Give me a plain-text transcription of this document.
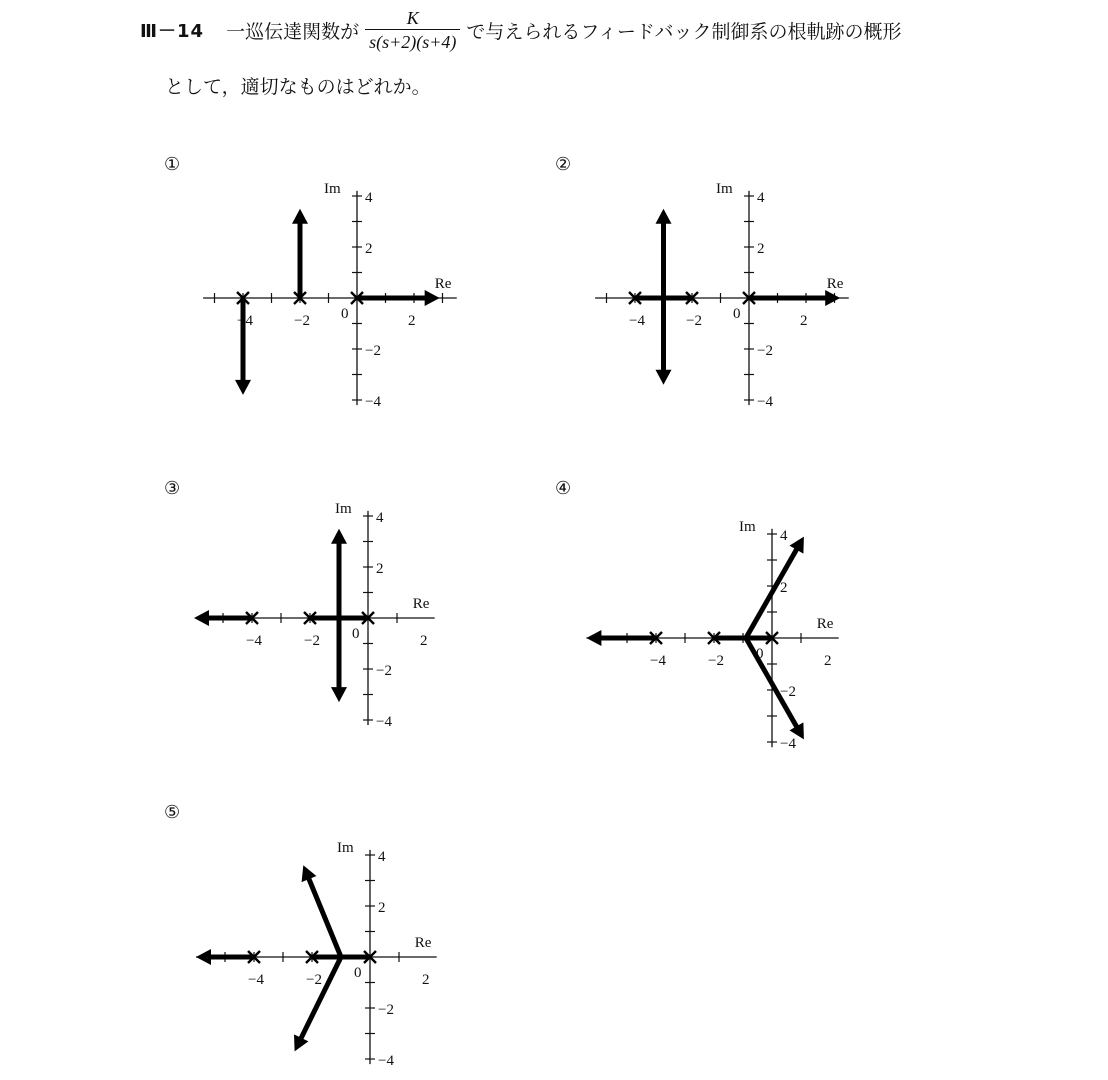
Ⅲ－14 一巡伝達関数が $\frac{K}{s(s+2)(s+4)}$ で与えられるフィードバック制御系の根軌跡の概形
として，適切なものはどれか。
①	②
③	④
⑤
−4	−2	2
4
2
−2
−4
0
Im
Re
−4	−2	2
4
2
−2
−4
0
Im
Re
−4	−2	2
4
2
−2
−4
0
Im
Re
−4	−2	2
4
2
−2
−4
0
Im
Re
−4	−2	2
4
2
−2
−4
0
Im
Re
